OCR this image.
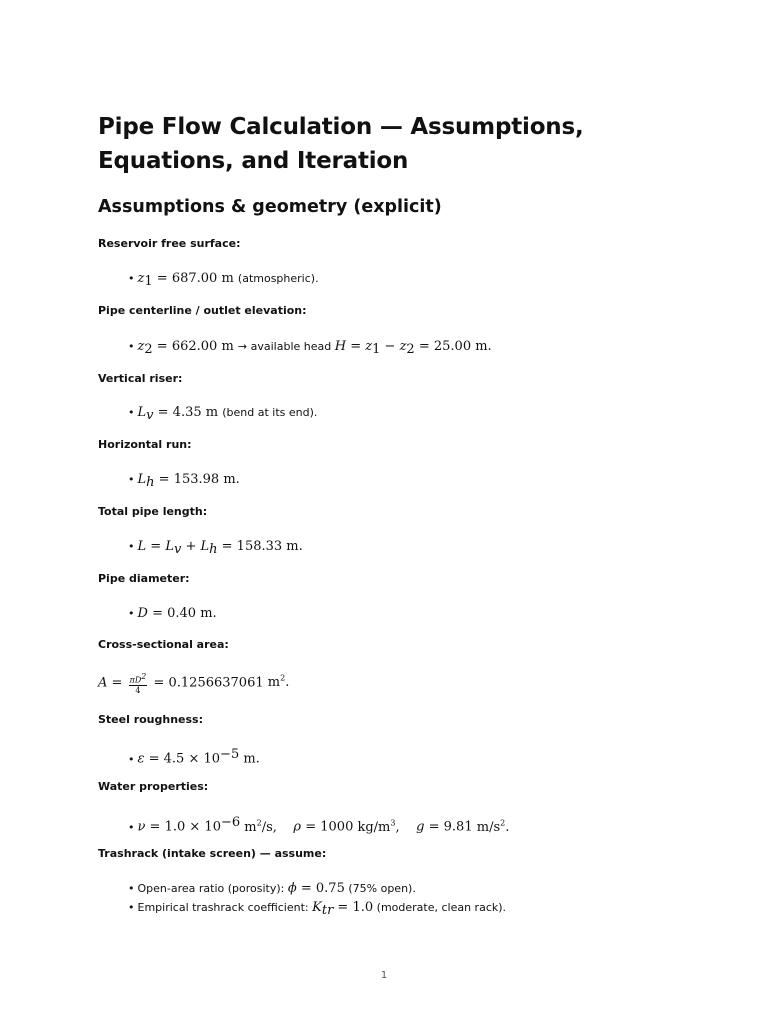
Pipe Flow Calculation — Assumptions, Equations, and Iteration
Assumptions & geometry (explicit)

Reservoir free surface:

• $z_1 = 687.00$ m (atmospheric).

Pipe centerline / outlet elevation:

• $z_2 = 662.00$ m → available head $H = z_1 - z_2 = 25.00$ m.

Vertical riser:

• $L_v = 4.35$ m (bend at its end).

Horizontal run:

• $L_h = 153.98$ m.

Total pipe length:

• $L = L_v + L_h = 158.33$ m.

Pipe diameter:

• D = 0.40 m.

Cross-sectional area:

$A = \frac{\pi D^2}{4} = 0.1256637061$ $m^2$.

Steel roughness:

• $\varepsilon = 4.5 \times 10^{-5}$ m.

Water properties:

• $\nu = 1.0 \times 10^{-6}$ $m^2/s$,    ρ = 1000 $kg/m^3$,    g = 9.81 $m/s^2$.

Trashrack (intake screen) — assume:

• Open-area ratio (porosity): ϕ = 0.75 (75% open).

• Empirical trashrack coefficient: $K_{tr} = 1.0$ (moderate, clean rack).

1
